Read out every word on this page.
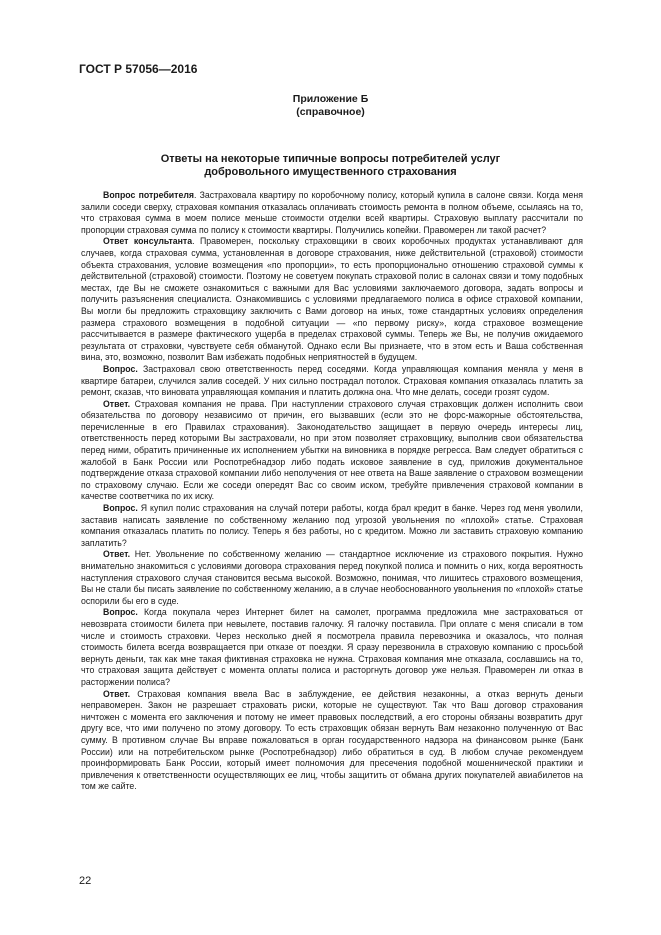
ГОСТ Р 57056—2016
Приложение Б
(справочное)
Ответы на некоторые типичные вопросы потребителей услуг
добровольного имущественного страхования

Вопрос потребителя. Застраховала квартиру по коробочному полису, который купила в салоне связи. Когда меня залили соседи сверху, страховая компания отказалась оплачивать стоимость ремонта в полном объеме, ссылаясь на то, что страховая сумма в моем полисе меньше стоимости отделки всей квартиры. Страховую выплату рассчитали по пропорции страховая сумма по полису к стоимости квартиры. Получились копейки. Правомерен ли такой расчет?

Ответ консультанта. Правомерен, поскольку страховщики в своих коробочных продуктах устанавливают для случаев, когда страховая сумма, установленная в договоре страхования, ниже действительной (страховой) стоимости объекта страхования, условие возмещения «по пропорции», то есть пропорционально отношению страховой суммы к действительной (страховой) стоимости. Поэтому не советуем покупать страховой полис в салонах связи и тому подобных местах, где Вы не сможете ознакомиться с важными для Вас условиями заключаемого договора, задать вопросы и получить разъяснения специалиста. Ознакомившись с условиями предлагаемого полиса в офисе страховой компании, Вы могли бы предложить страховщику заключить с Вами договор на иных, тоже стандартных условиях определения размера страхового возмещения в подобной ситуации — «по первому риску», когда страховое возмещение рассчитывается в размере фактического ущерба в пределах страховой суммы. Теперь же Вы, не получив ожидаемого результата от страховки, чувствуете себя обманутой. Однако если Вы признаете, что в этом есть и Ваша собственная вина, это, возможно, позволит Вам избежать подобных неприятностей в будущем.

Вопрос. Застраховал свою ответственность перед соседями. Когда управляющая компания меняла у меня в квартире батареи, случился залив соседей. У них сильно пострадал потолок. Страховая компания отказалась платить за ремонт, сказав, что виновата управляющая компания и платить должна она. Что мне делать, соседи грозят судом.

Ответ. Страховая компания не права. При наступлении страхового случая страховщик должен исполнить свои обязательства по договору независимо от причин, его вызвавших (если это не форс-мажорные обстоятельства, перечисленные в его Правилах страхования). Законодательство защищает в первую очередь интересы лиц, ответственность перед которыми Вы застраховали, но при этом позволяет страховщику, выполнив свои обязательства перед ними, обратить причиненные их исполнением убытки на виновника в порядке регресса. Вам следует обратиться с жалобой в Банк России или Роспотребнадзор либо подать исковое заявление в суд, приложив документальное подтверждение отказа страховой компании либо неполучения от нее ответа на Ваше заявление о страховом возмещении по страховому случаю. Если же соседи опередят Вас со своим иском, требуйте привлечения страховой компании в качестве соответчика по их иску.

Вопрос. Я купил полис страхования на случай потери работы, когда брал кредит в банке. Через год меня уволили, заставив написать заявление по собственному желанию под угрозой увольнения по «плохой» статье. Страховая компания отказалась платить по полису. Теперь я без работы, но с кредитом. Можно ли заставить страховую компанию заплатить?

Ответ. Нет. Увольнение по собственному желанию — стандартное исключение из страхового покрытия. Нужно внимательно знакомиться с условиями договора страхования перед покупкой полиса и помнить о них, когда вероятность наступления страхового случая становится весьма высокой. Возможно, понимая, что лишитесь страхового возмещения, Вы не стали бы писать заявление по собственному желанию, а в случае необоснованного увольнения по «плохой» статье оспорили бы его в суде.

Вопрос. Когда покупала через Интернет билет на самолет, программа предложила мне застраховаться от невозврата стоимости билета при невылете, поставив галочку. Я галочку поставила. При оплате с меня списали в том числе и стоимость страховки. Через несколько дней я посмотрела правила перевозчика и оказалось, что полная стоимость билета всегда возвращается при отказе от поездки. Я сразу перезвонила в страховую компанию с просьбой вернуть деньги, так как мне такая фиктивная страховка не нужна. Страховая компания мне отказала, сославшись на то, что страховая защита действует с момента оплаты полиса и расторгнуть договор уже нельзя. Правомерен ли отказ в расторжении полиса?

Ответ. Страховая компания ввела Вас в заблуждение, ее действия незаконны, а отказ вернуть деньги неправомерен. Закон не разрешает страховать риски, которые не существуют. Так что Ваш договор страхования ничтожен с момента его заключения и потому не имеет правовых последствий, а его стороны обязаны возвратить друг другу все, что ими получено по этому договору. То есть страховщик обязан вернуть Вам незаконно полученную от Вас сумму. В противном случае Вы вправе пожаловаться в орган государственного надзора на финансовом рынке (Банк России) или на потребительском рынке (Роспотребнадзор) либо обратиться в суд. В любом случае рекомендуем проинформировать Банк России, который имеет полномочия для пресечения подобной мошеннической практики и привлечения к ответственности осуществляющих ее лиц, чтобы защитить от обмана других покупателей авиабилетов на том же сайте.

22
